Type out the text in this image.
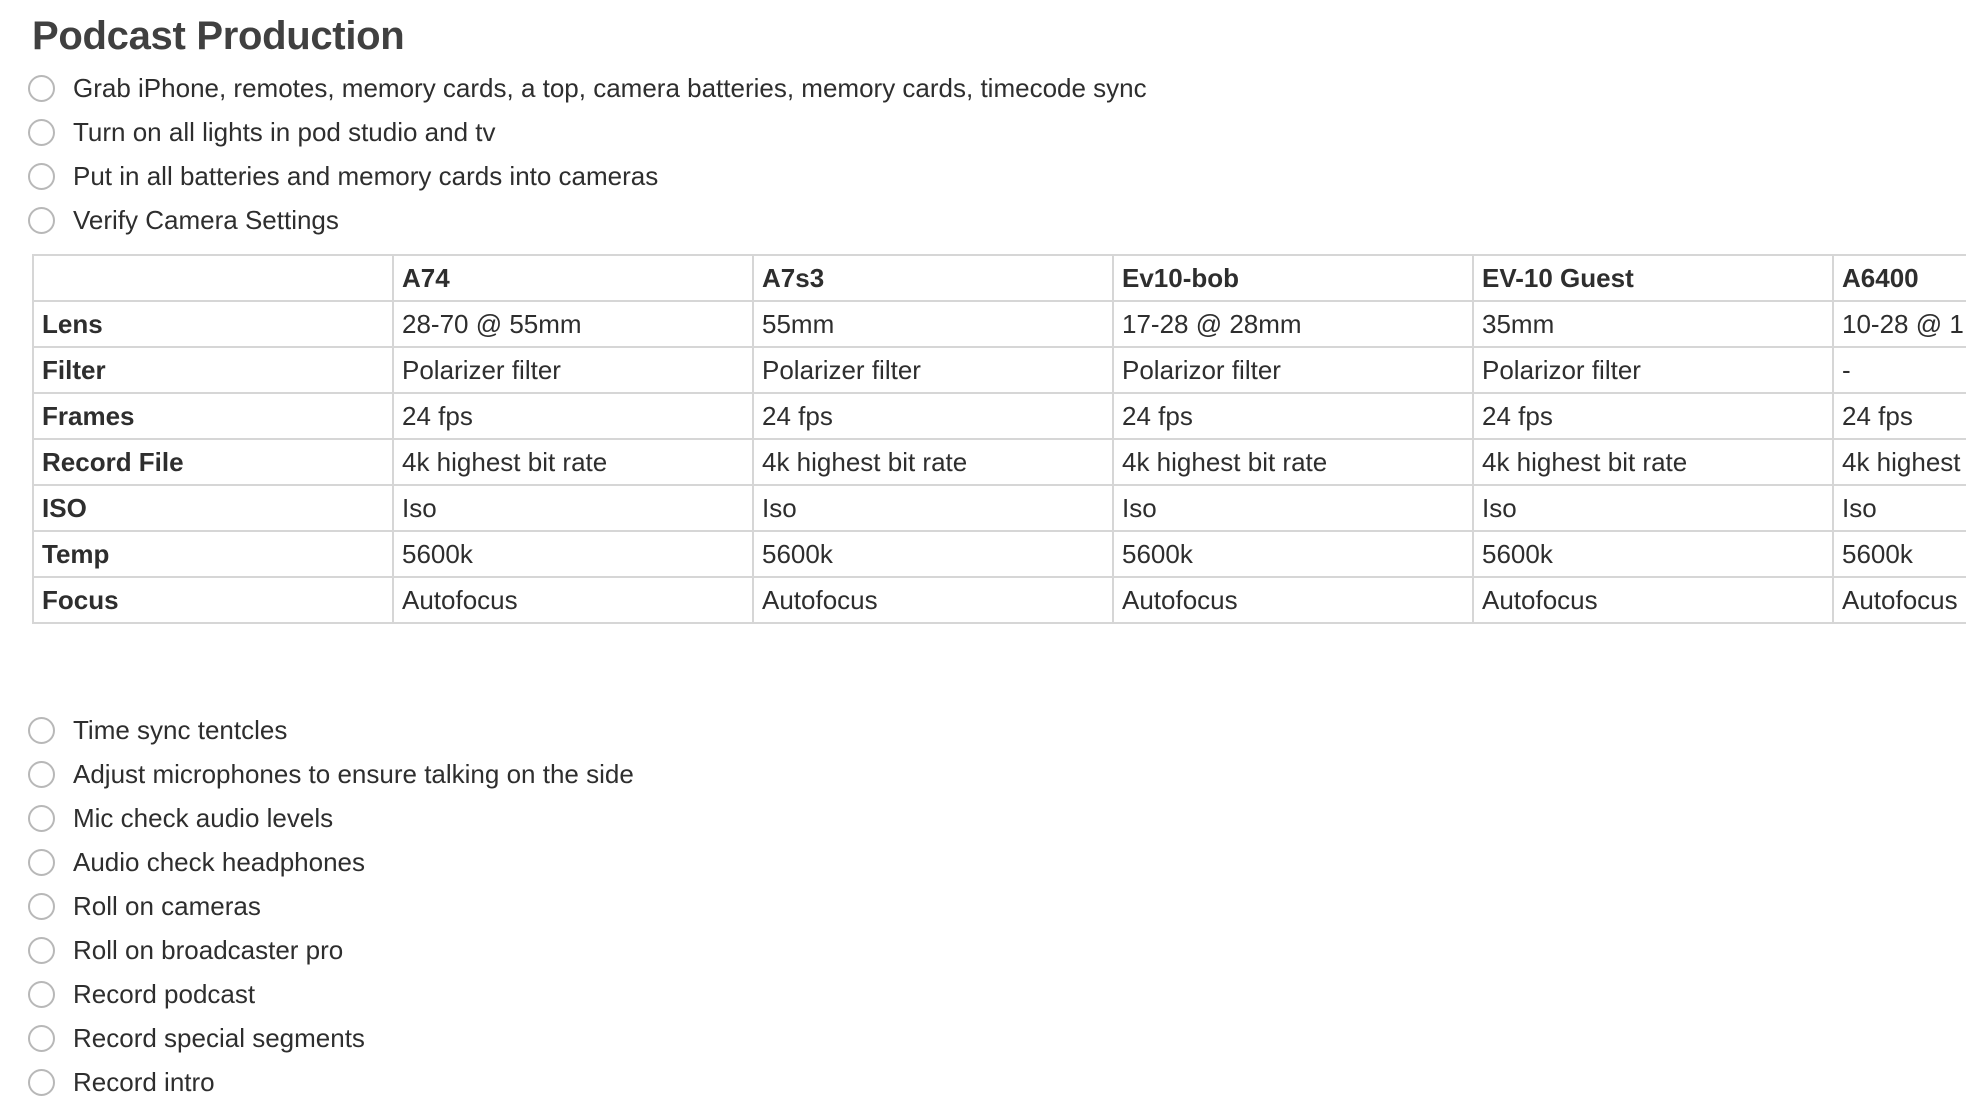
Podcast Production
Grab iPhone, remotes, memory cards, a top, camera batteries, memory cards, timecode sync
Turn on all lights in pod studio and tv
Put in all batteries and memory cards into cameras
Verify Camera Settings
	A74	A7s3	Ev10-bob	EV-10 Guest	A6400
Lens	28-70 @ 55mm	55mm	17-28 @ 28mm	35mm	10-28 @ 1
Filter	Polarizer filter	Polarizer filter	Polarizor filter	Polarizor filter	-
Frames	24 fps	24 fps	24 fps	24 fps	24 fps
Record File	4k highest bit rate	4k highest bit rate	4k highest bit rate	4k highest bit rate	4k highest
ISO	Iso	Iso	Iso	Iso	Iso
Temp	5600k	5600k	5600k	5600k	5600k
Focus	Autofocus	Autofocus	Autofocus	Autofocus	Autofocus
Time sync tentcles
Adjust microphones to ensure talking on the side
Mic check audio levels
Audio check headphones
Roll on cameras
Roll on broadcaster pro
Record podcast
Record special segments
Record intro
